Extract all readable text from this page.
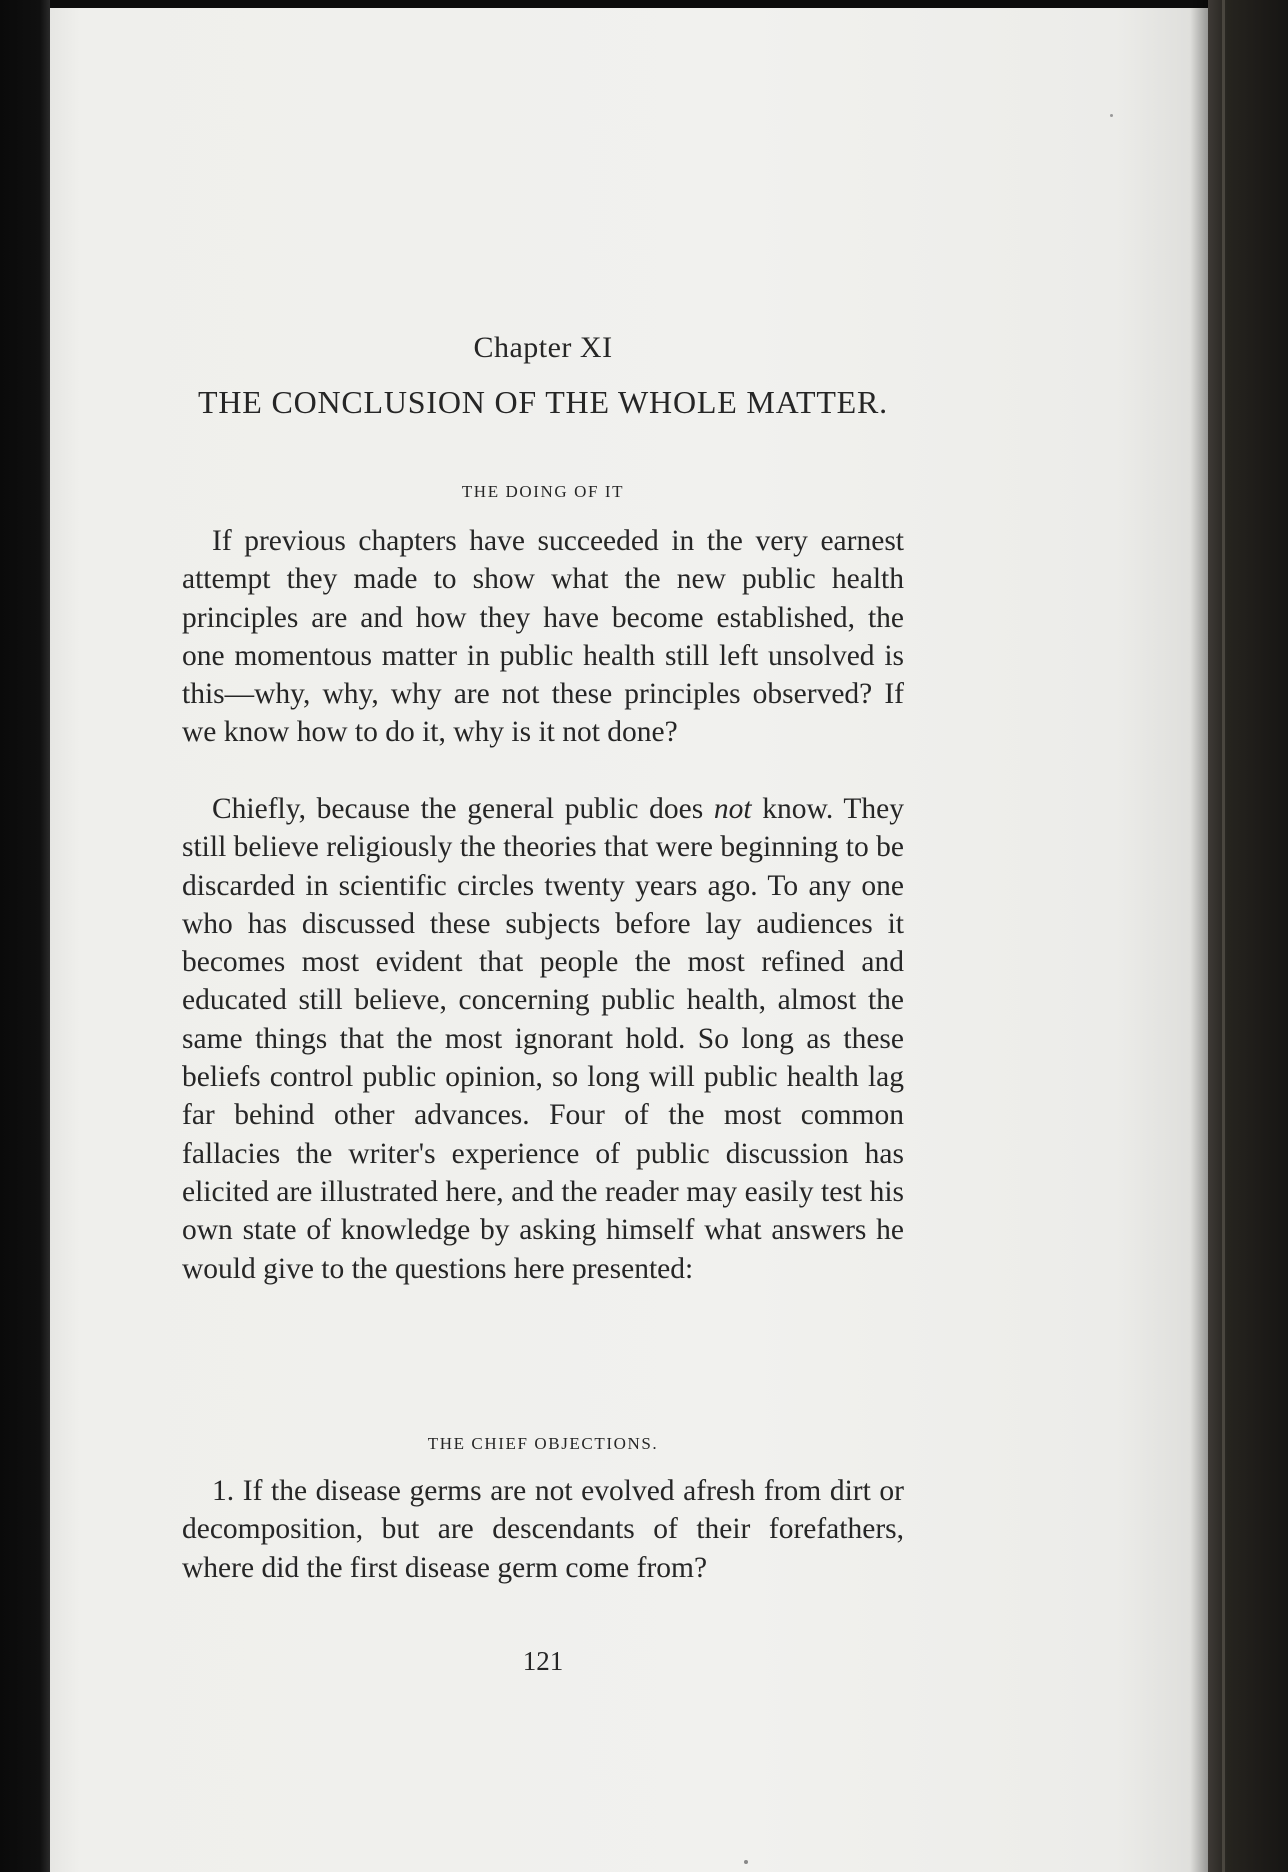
Chapter XI
THE CONCLUSION OF THE WHOLE MATTER.
THE DOING OF IT

If previous chapters have succeeded in the very earnest attempt they made to show what the new public health principles are and how they have become established, the one momentous matter in public health still left unsolved is this—why, why, why are not these principles observed? If we know how to do it, why is it not done?

Chiefly, because the general public does not know. They still believe religiously the theories that were beginning to be discarded in scientific circles twenty years ago. To any one who has discussed these subjects before lay audiences it becomes most evident that people the most refined and educated still believe, concerning public health, almost the same things that the most ignorant hold. So long as these beliefs control public opinion, so long will public health lag far behind other advances. Four of the most common fallacies the writer's experience of public discussion has elicited are illustrated here, and the reader may easily test his own state of knowledge by asking himself what answers he would give to the questions here presented:

THE CHIEF OBJECTIONS.

1. If the disease germs are not evolved afresh from dirt or decomposition, but are descendants of their forefathers, where did the first disease germ come from?

121
